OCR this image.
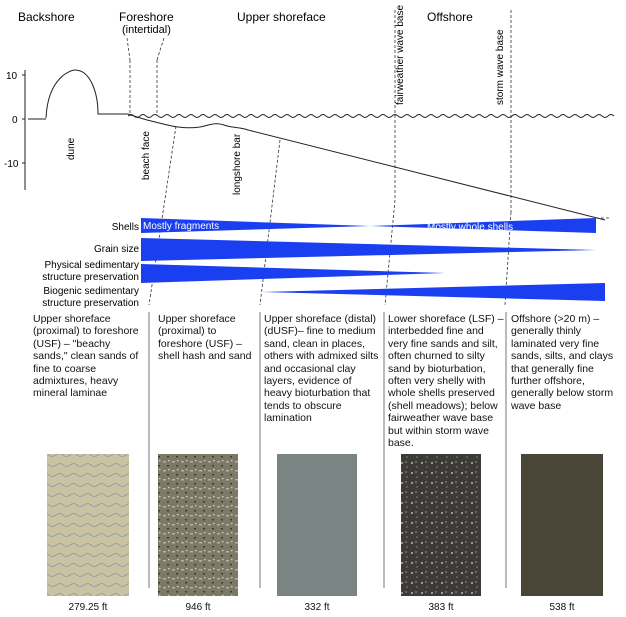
Backshore	Foreshore
(intertidal)
Upper shoreface	Offshore
fairweather wave base	storm wave base
10
0
-10
dune	beach face	longshore bar
Mostly fragments	Mostly whole shells
Shells
Grain size
Physical sedimentary
structure preservation
Biogenic sedimentary
structure preservation

Upper shoreface (proximal) to foreshore (USF) – "beachy sands," clean sands of fine to coarse admixtures, heavy mineral laminae

Upper shoreface (proximal) to foreshore (USF) – shell hash and sand

Upper shoreface (distal) (dUSF)– fine to medium sand, clean in places, others with admixed silts and occasional clay layers, evidence of heavy bioturbation that tends to obscure lamination

Lower shoreface (LSF) – interbedded fine and very fine sands and silt, often churned to silty sand by bioturbation, often very shelly with whole shells preserved (shell meadows); below fairweather wave base but within storm wave base.

Offshore (>20 m) – generally thinly laminated very fine sands, silts, and clays that generally fine further offshore, generally below storm wave base

279.25 ft	946 ft	332 ft	383 ft	538 ft
